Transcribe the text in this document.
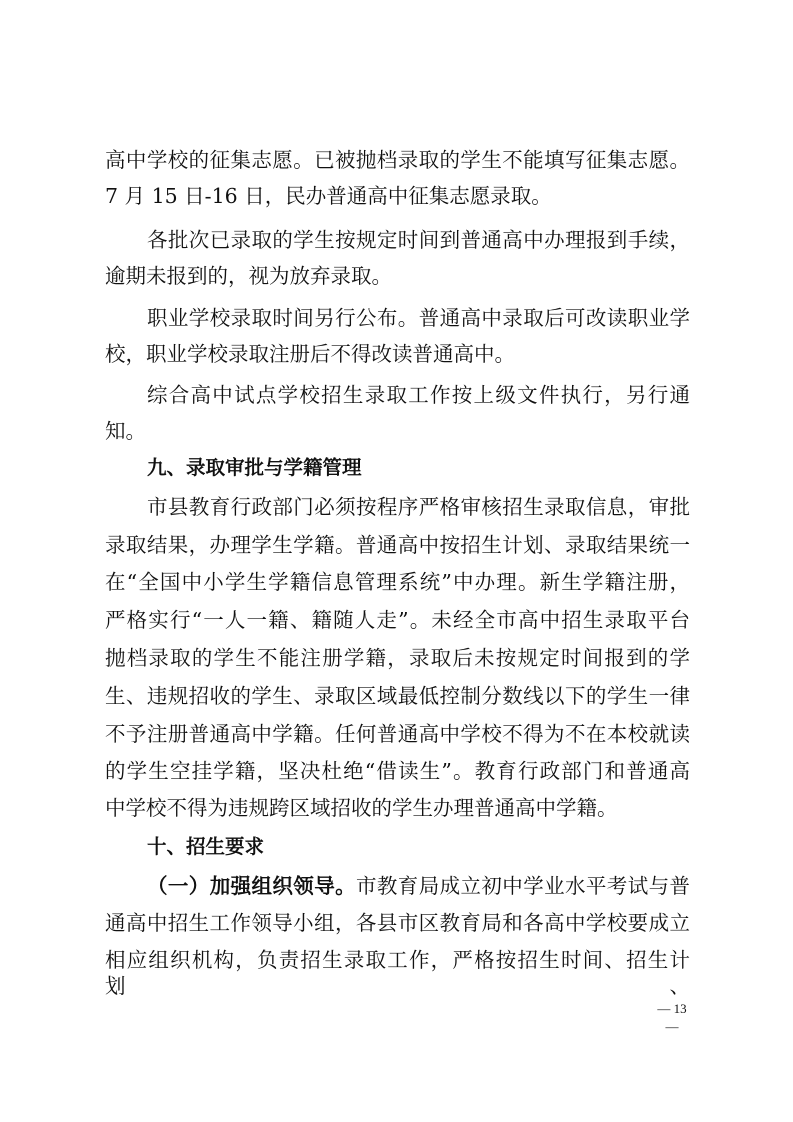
高中学校的征集志愿。已被抛档录取的学生不能填写征集志愿。
7 月 15 日-16 日，民办普通高中征集志愿录取。
各批次已录取的学生按规定时间到普通高中办理报到手续，
逾期未报到的，视为放弃录取。
职业学校录取时间另行公布。普通高中录取后可改读职业学
校，职业学校录取注册后不得改读普通高中。
综合高中试点学校招生录取工作按上级文件执行，另行通
知。
九、录取审批与学籍管理
市县教育行政部门必须按程序严格审核招生录取信息，审批
录取结果，办理学生学籍。普通高中按招生计划、录取结果统一
在“全国中小学生学籍信息管理系统”中办理。新生学籍注册，
严格实行“一人一籍、籍随人走”。未经全市高中招生录取平台
抛档录取的学生不能注册学籍，录取后未按规定时间报到的学
生、违规招收的学生、录取区域最低控制分数线以下的学生一律
不予注册普通高中学籍。任何普通高中学校不得为不在本校就读
的学生空挂学籍，坚决杜绝“借读生”。教育行政部门和普通高
中学校不得为违规跨区域招收的学生办理普通高中学籍。
十、招生要求
（一）加强组织领导。市教育局成立初中学业水平考试与普
通高中招生工作领导小组，各县市区教育局和各高中学校要成立
相应组织机构，负责招生录取工作，严格按招生时间、招生计划、
— 13 —
